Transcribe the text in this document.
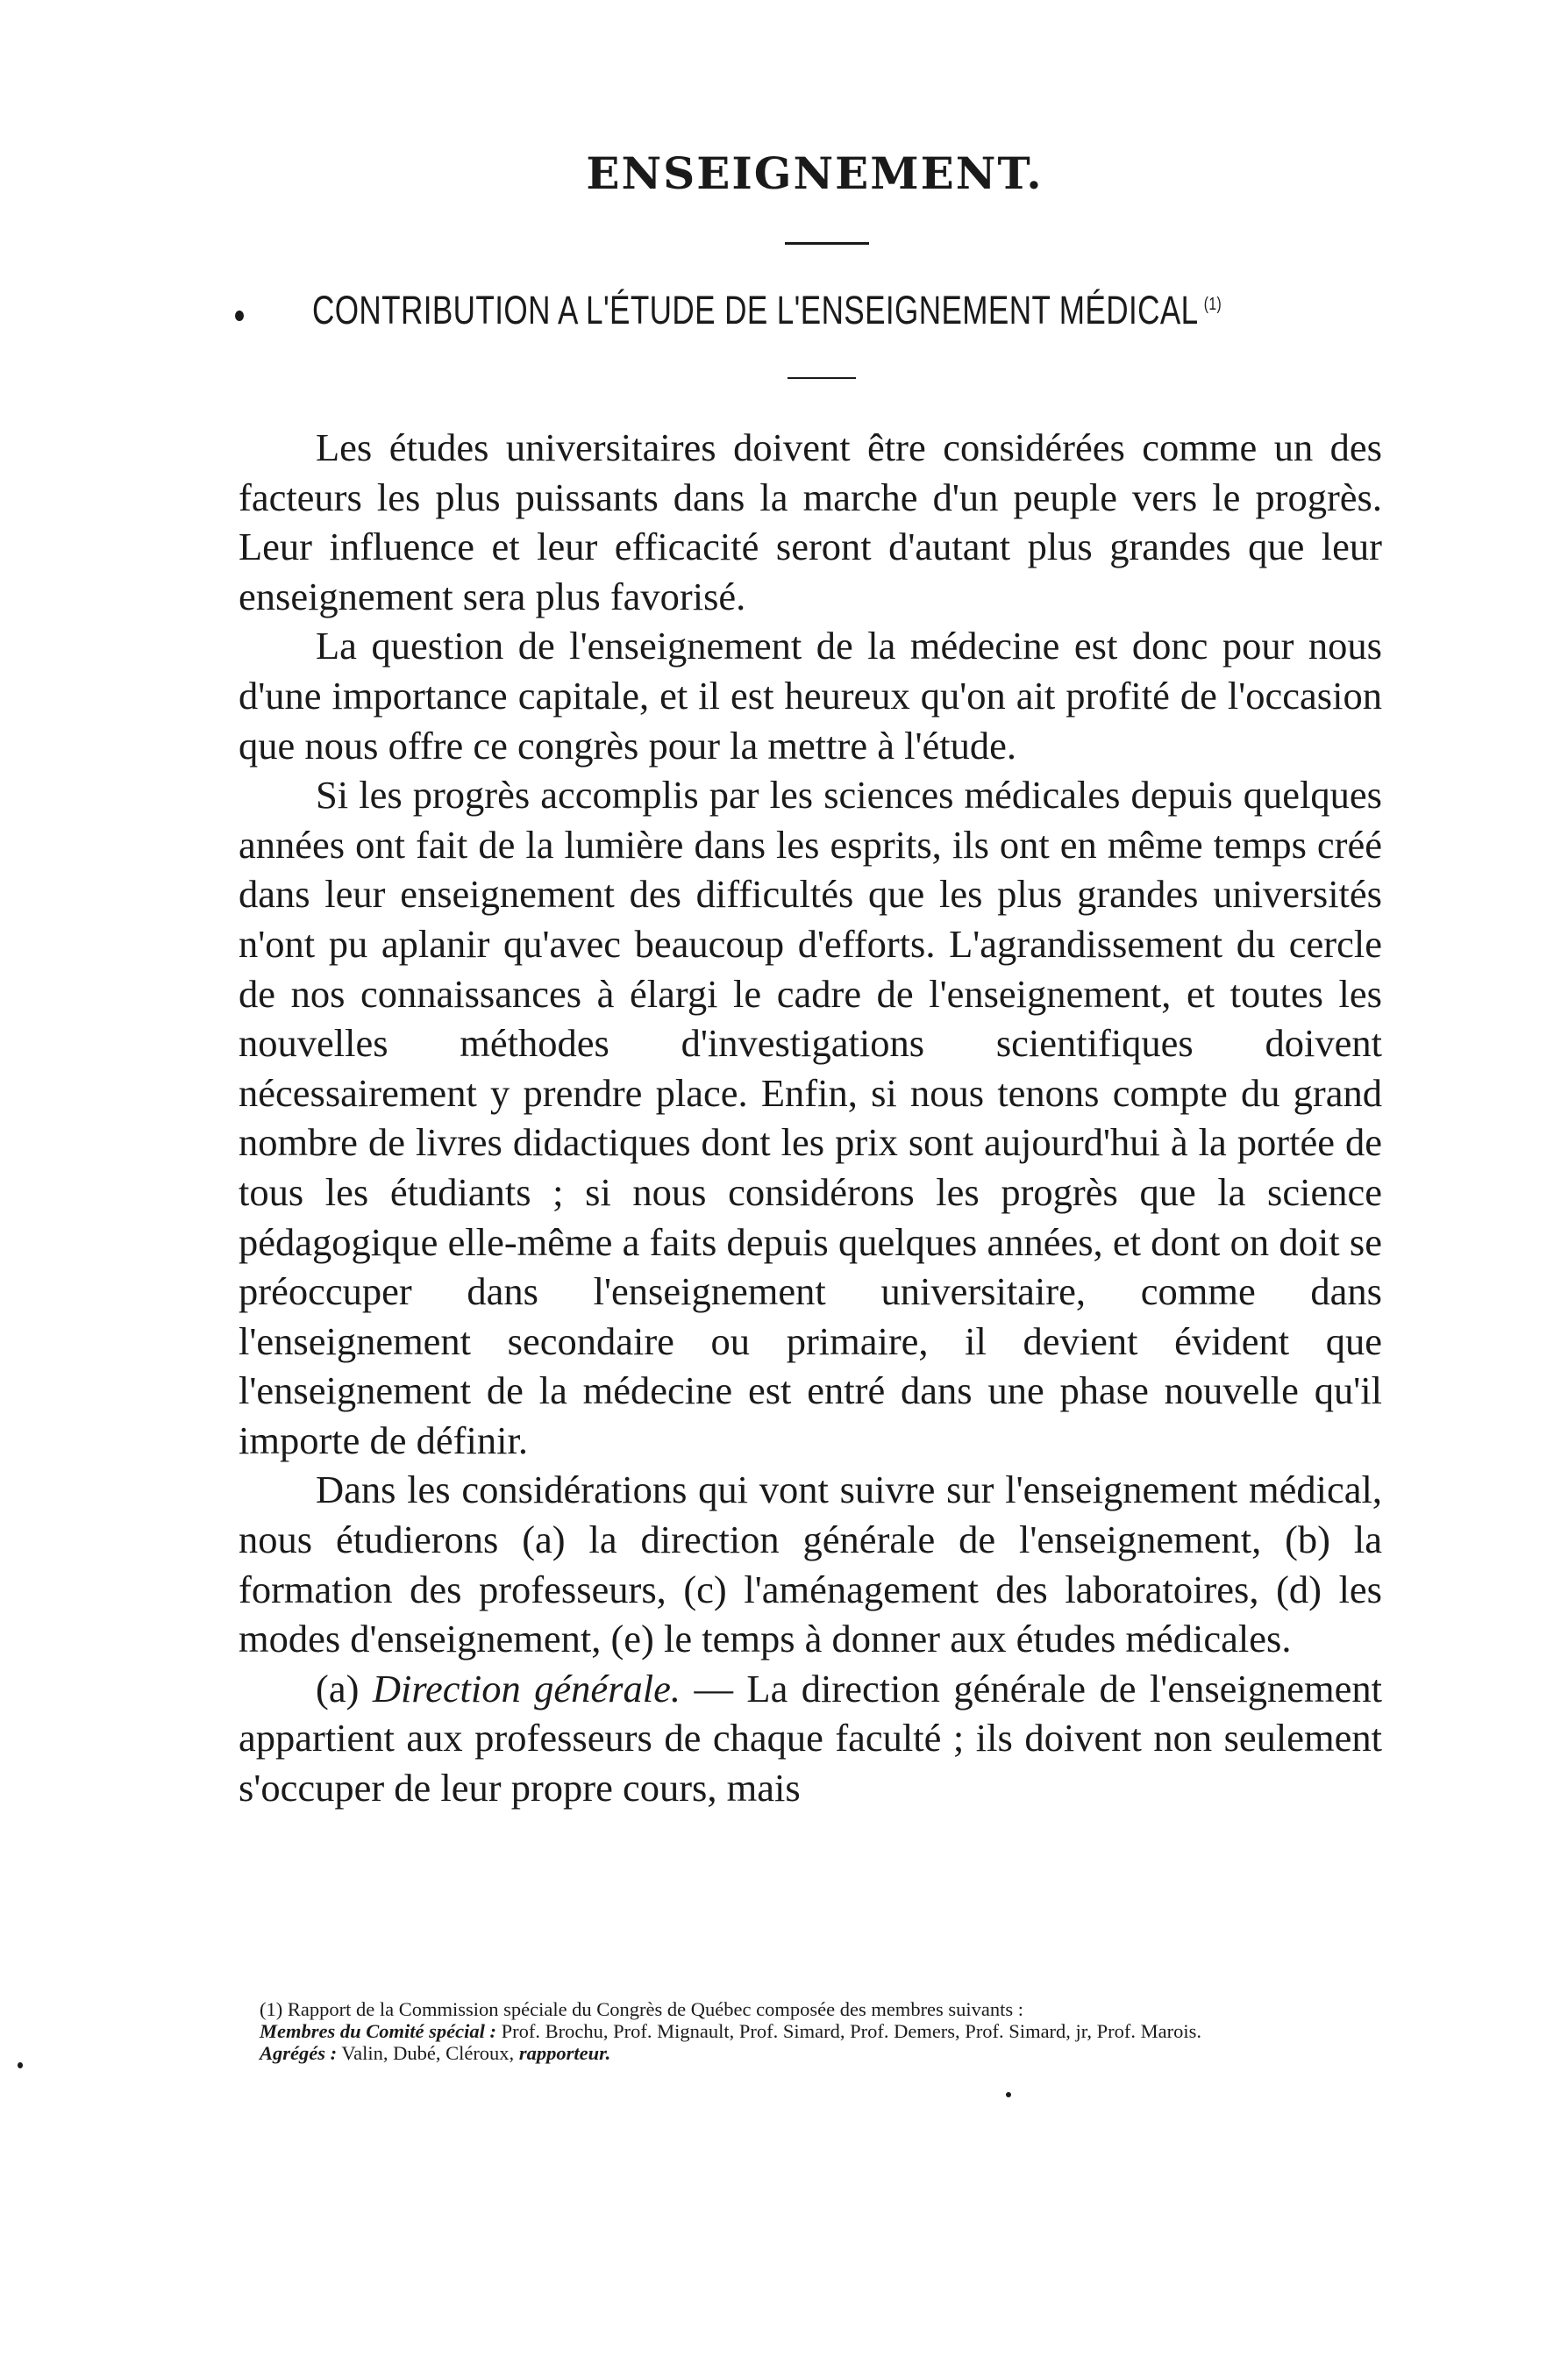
ENSEIGNEMENT.
CONTRIBUTION A L'ÉTUDE DE L'ENSEIGNEMENT MÉDICAL $^{(1)}$

Les études universitaires doivent être considérées comme un des facteurs les plus puissants dans la marche d'un peuple vers le progrès. Leur influence et leur efficacité seront d'autant plus grandes que leur enseignement sera plus favorisé.

La question de l'enseignement de la médecine est donc pour nous d'une importance capitale, et il est heureux qu'on ait profité de l'occasion que nous offre ce congrès pour la mettre à l'étude.

Si les progrès accomplis par les sciences médicales depuis quelques années ont fait de la lumière dans les esprits, ils ont en même temps créé dans leur enseignement des difficultés que les plus grandes universités n'ont pu aplanir qu'avec beaucoup d'efforts. L'agrandissement du cercle de nos connaissances à élargi le cadre de l'enseignement, et toutes les nouvelles méthodes d'investigations scientifiques doivent nécessairement y prendre place. Enfin, si nous tenons compte du grand nombre de livres didactiques dont les prix sont aujourd'hui à la portée de tous les étudiants ; si nous considérons les progrès que la science pédagogique elle-même a faits depuis quelques années, et dont on doit se préoccuper dans l'enseignement universitaire, comme dans l'enseignement secondaire ou primaire, il devient évident que l'enseignement de la médecine est entré dans une phase nouvelle qu'il importe de définir.

Dans les considérations qui vont suivre sur l'enseignement médical, nous étudierons (a) la direction générale de l'enseignement, (b) la formation des professeurs, (c) l'aménagement des laboratoires, (d) les modes d'enseignement, (e) le temps à donner aux études médicales.

(a) Direction générale. — La direction générale de l'enseignement appartient aux professeurs de chaque faculté ; ils doivent non seulement s'occuper de leur propre cours, mais

(1) Rapport de la Commission spéciale du Congrès de Québec composée des membres suivants :

Membres du Comité spécial : Prof. Brochu, Prof. Mignault, Prof. Simard, Prof. Demers, Prof. Simard, jr, Prof. Marois.

Agrégés : Valin, Dubé, Cléroux, rapporteur.
